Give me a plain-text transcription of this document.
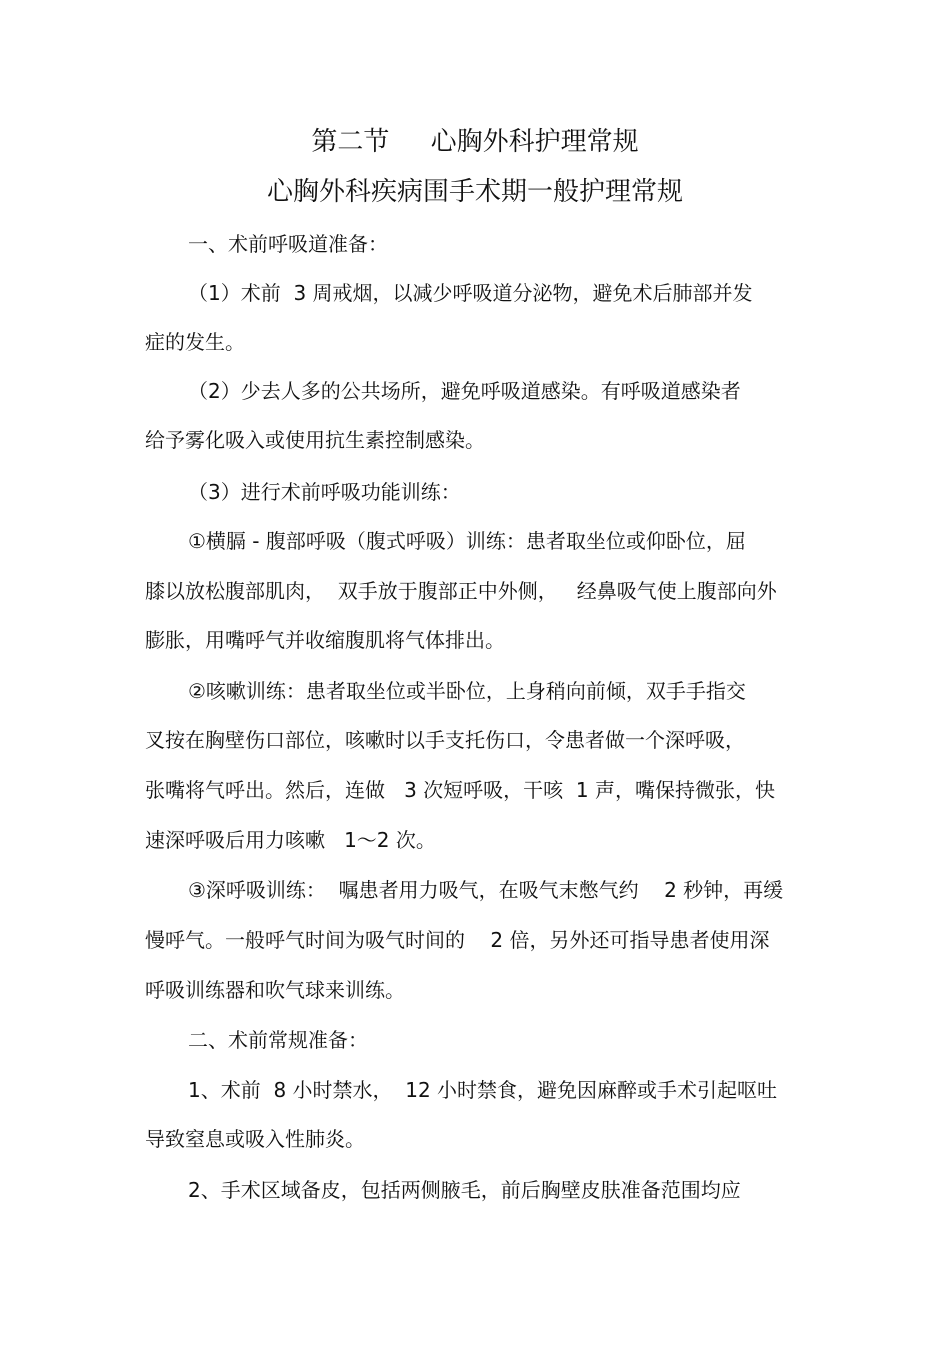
第二节     心胸外科护理常规
心胸外科疾病围手术期一般护理常规
一、术前呼吸道准备：
（1）术前  3 周戒烟，以减少呼吸道分泌物，避免术后肺部并发
症的发生。
（2）少去人多的公共场所，避免呼吸道感染。有呼吸道感染者
给予雾化吸入或使用抗生素控制感染。
（3）进行术前呼吸功能训练：
①横膈 - 腹部呼吸（腹式呼吸）训练：患者取坐位或仰卧位，屈
膝以放松腹部肌肉，  双手放于腹部正中外侧，   经鼻吸气使上腹部向外
膨胀，用嘴呼气并收缩腹肌将气体排出。
②咳嗽训练：患者取坐位或半卧位，上身稍向前倾，双手手指交
叉按在胸壁伤口部位，咳嗽时以手支托伤口，令患者做一个深呼吸，
张嘴将气呼出。然后，连做   3 次短呼吸，干咳  1 声，嘴保持微张，快
速深呼吸后用力咳嗽   1～2 次。
③深呼吸训练：  嘱患者用力吸气，在吸气末憋气约    2 秒钟，再缓
慢呼气。一般呼气时间为吸气时间的    2 倍，另外还可指导患者使用深
呼吸训练器和吹气球来训练。
二、术前常规准备：
1、术前  8 小时禁水，  12 小时禁食，避免因麻醉或手术引起呕吐
导致窒息或吸入性肺炎。
2、手术区域备皮，包括两侧腋毛，前后胸壁皮肤准备范围均应
